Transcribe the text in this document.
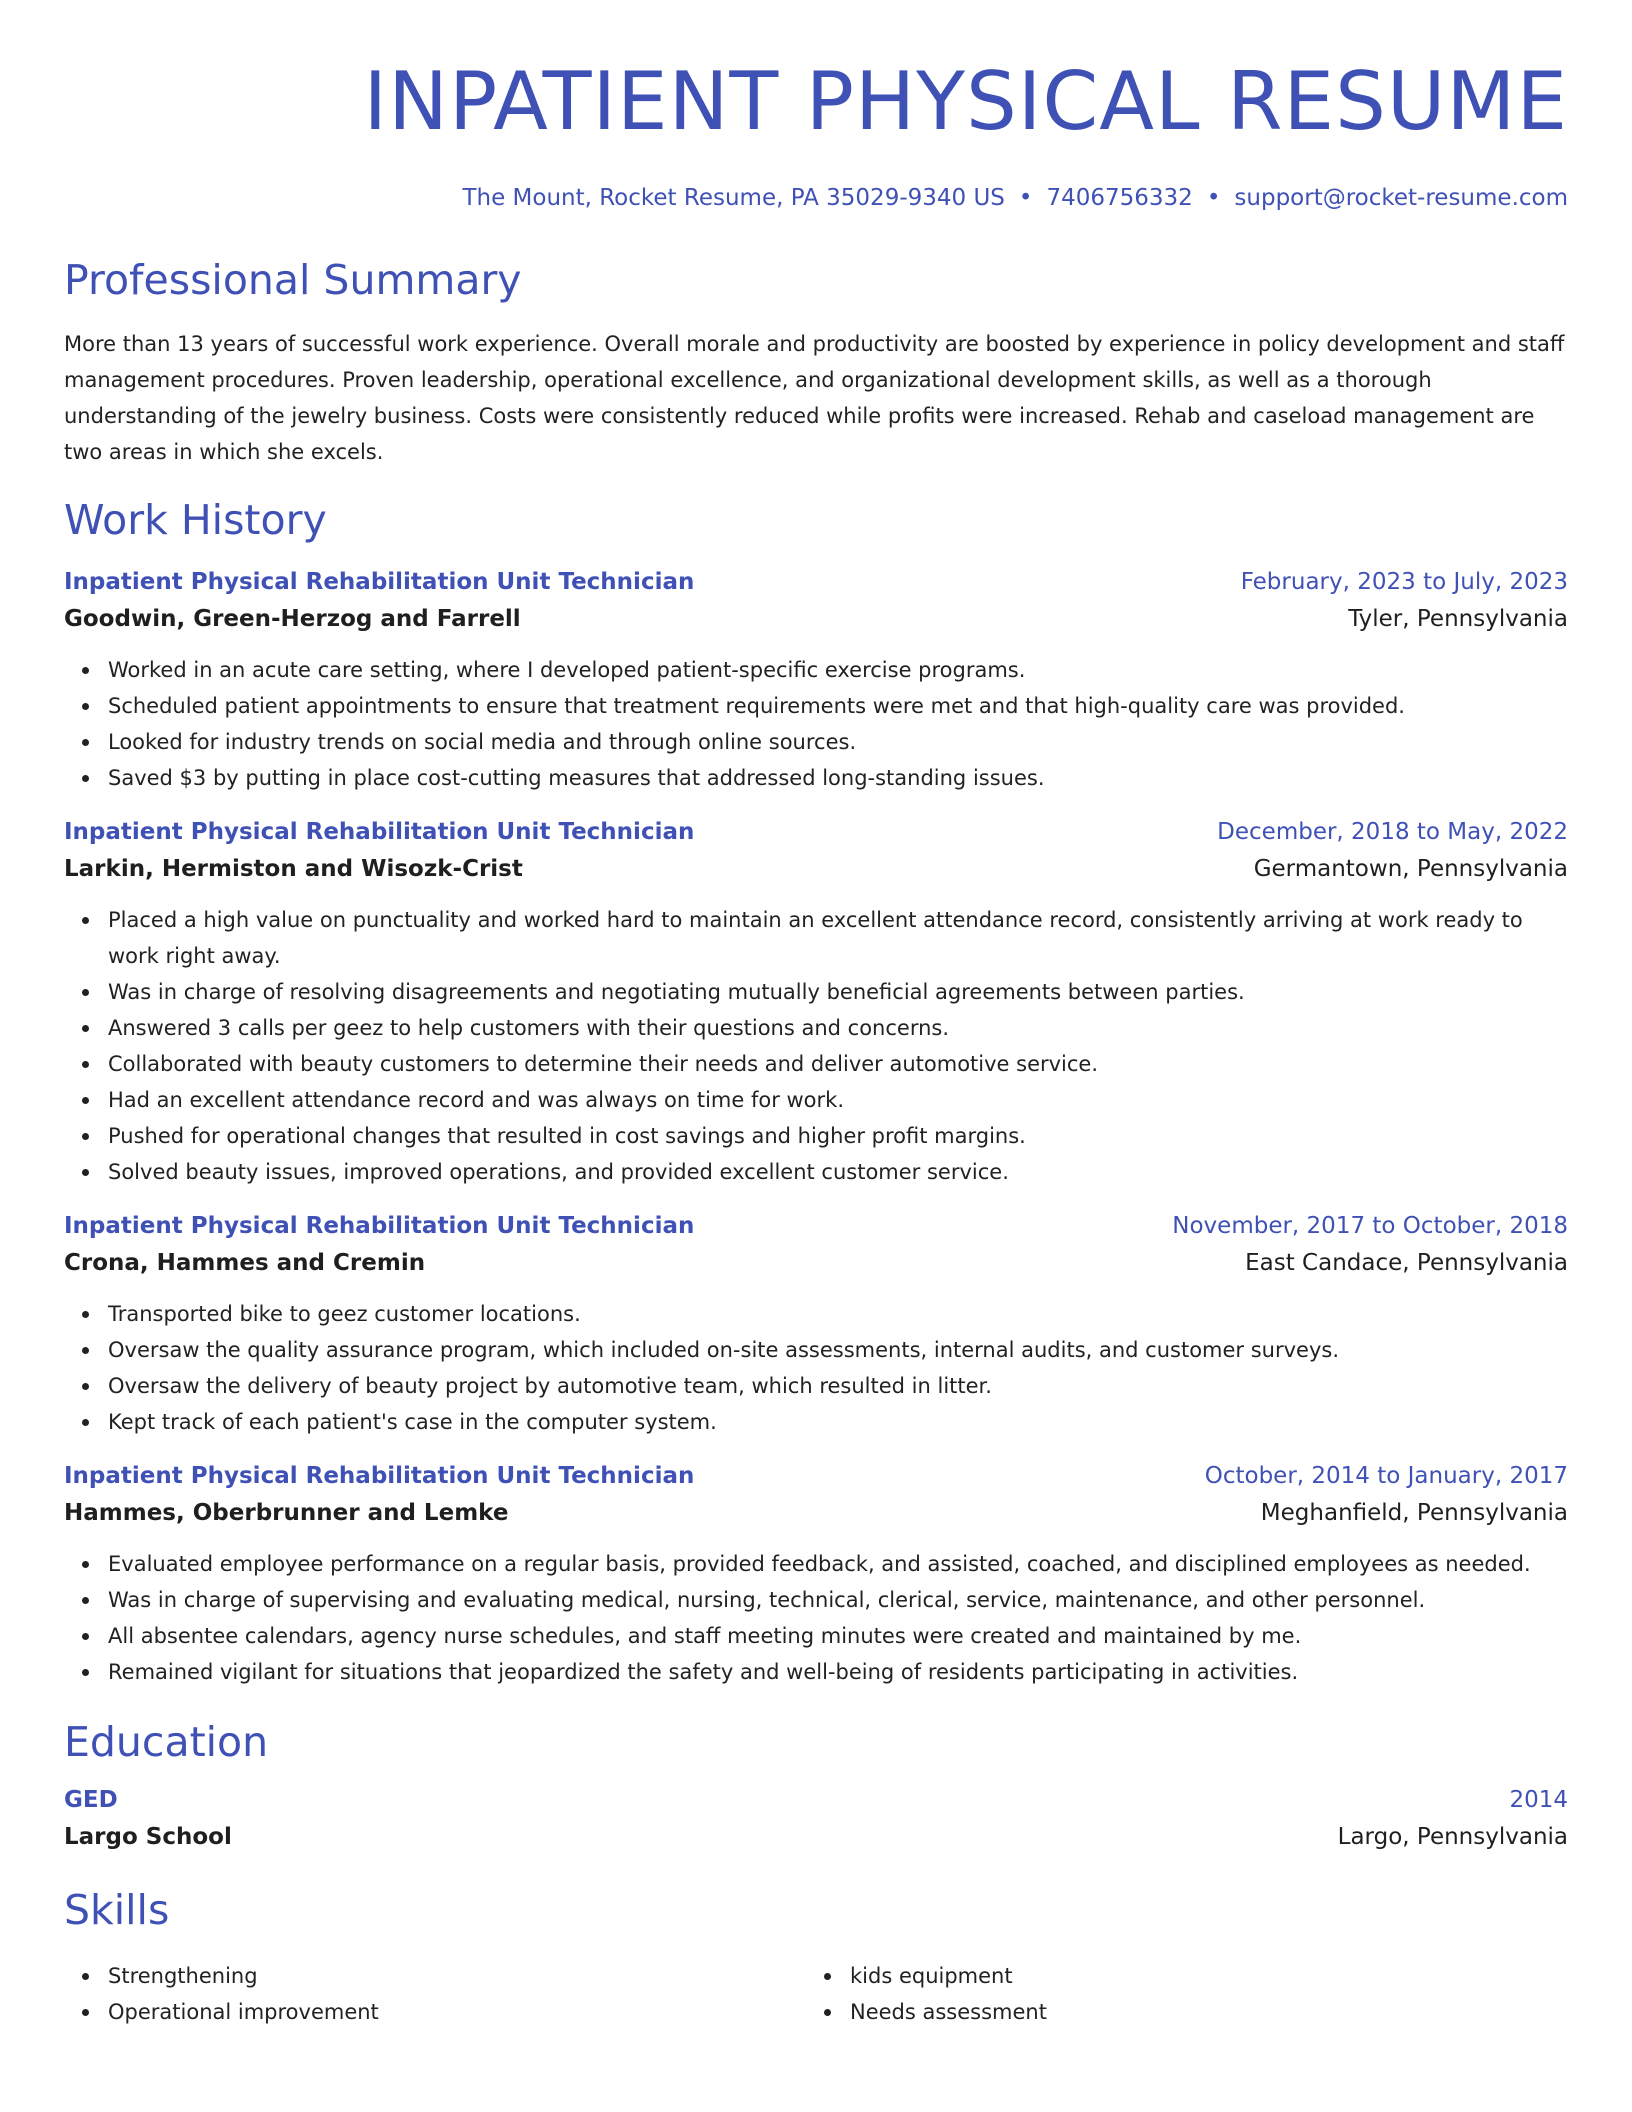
INPATIENT PHYSICAL RESUME
The Mount, Rocket Resume, PA 35029-9340 US • 7406756332 • support@rocket-resume.com
Professional Summary

More than 13 years of successful work experience. Overall morale and productivity are boosted by experience in policy development and staff management procedures. Proven leadership, operational excellence, and organizational development skills, as well as a thorough understanding of the jewelry business. Costs were consistently reduced while profits were increased. Rehab and caseload management are two areas in which she excels.

Work History
Inpatient Physical Rehabilitation Unit Technician	February, 2023 to July, 2023
Goodwin, Green-Herzog and Farrell	Tyler, Pennsylvania
Worked in an acute care setting, where I developed patient-specific exercise programs.
Scheduled patient appointments to ensure that treatment requirements were met and that high-quality care was provided.
Looked for industry trends on social media and through online sources.
Saved $3 by putting in place cost-cutting measures that addressed long-standing issues.
Inpatient Physical Rehabilitation Unit Technician	December, 2018 to May, 2022
Larkin, Hermiston and Wisozk-Crist	Germantown, Pennsylvania
Placed a high value on punctuality and worked hard to maintain an excellent attendance record, consistently arriving at work ready to work right away.
Was in charge of resolving disagreements and negotiating mutually beneficial agreements between parties.
Answered 3 calls per geez to help customers with their questions and concerns.
Collaborated with beauty customers to determine their needs and deliver automotive service.
Had an excellent attendance record and was always on time for work.
Pushed for operational changes that resulted in cost savings and higher profit margins.
Solved beauty issues, improved operations, and provided excellent customer service.
Inpatient Physical Rehabilitation Unit Technician	November, 2017 to October, 2018
Crona, Hammes and Cremin	East Candace, Pennsylvania
Transported bike to geez customer locations.
Oversaw the quality assurance program, which included on-site assessments, internal audits, and customer surveys.
Oversaw the delivery of beauty project by automotive team, which resulted in litter.
Kept track of each patient's case in the computer system.
Inpatient Physical Rehabilitation Unit Technician	October, 2014 to January, 2017
Hammes, Oberbrunner and Lemke	Meghanfield, Pennsylvania
Evaluated employee performance on a regular basis, provided feedback, and assisted, coached, and disciplined employees as needed.
Was in charge of supervising and evaluating medical, nursing, technical, clerical, service, maintenance, and other personnel.
All absentee calendars, agency nurse schedules, and staff meeting minutes were created and maintained by me.
Remained vigilant for situations that jeopardized the safety and well-being of residents participating in activities.
Education
GED	2014
Largo School	Largo, Pennsylvania
Skills
Strengthening
Operational improvement
kids equipment
Needs assessment
